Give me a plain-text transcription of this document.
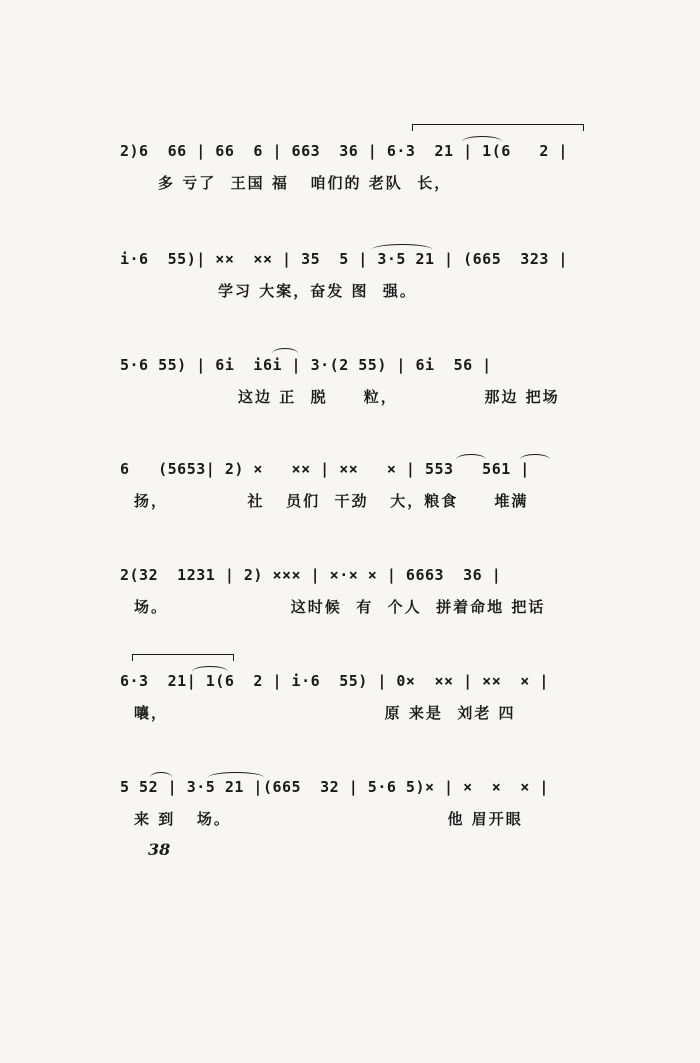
2)6  66 | 66  6 | 663  36 | 6·3  21 | 1(6   2 |
多 亏了  王国 福   咱们的 老队  长，
i·6  55)| ××  ×× | 35  5 | 3·5 21 | (665  323 |
学习 大案，奋发 图  强。
5·6 55) | 6i  i6i | 3·(2 55) | 6i  56 |
这边 正  脱     粒，            那边 把场
6   (5653| 2) ×   ×× | ××   × | 553   561 |
扬，           社   员们  干劲   大，粮食     堆满
2(32  1231 | 2) ××× | ×·× × | 6663  36 |
场。                 这时候  有  个人  拼着命地 把话
6·3  21| 1(6  2 | i·6  55) | 0×  ×× | ××  × |
嚷，                              原 来是  刘老 四
5 52 | 3·5 21 |(665  32 | 5·6 5)× | ×  ×  × |
来 到   场。                              他 眉开眼
38
